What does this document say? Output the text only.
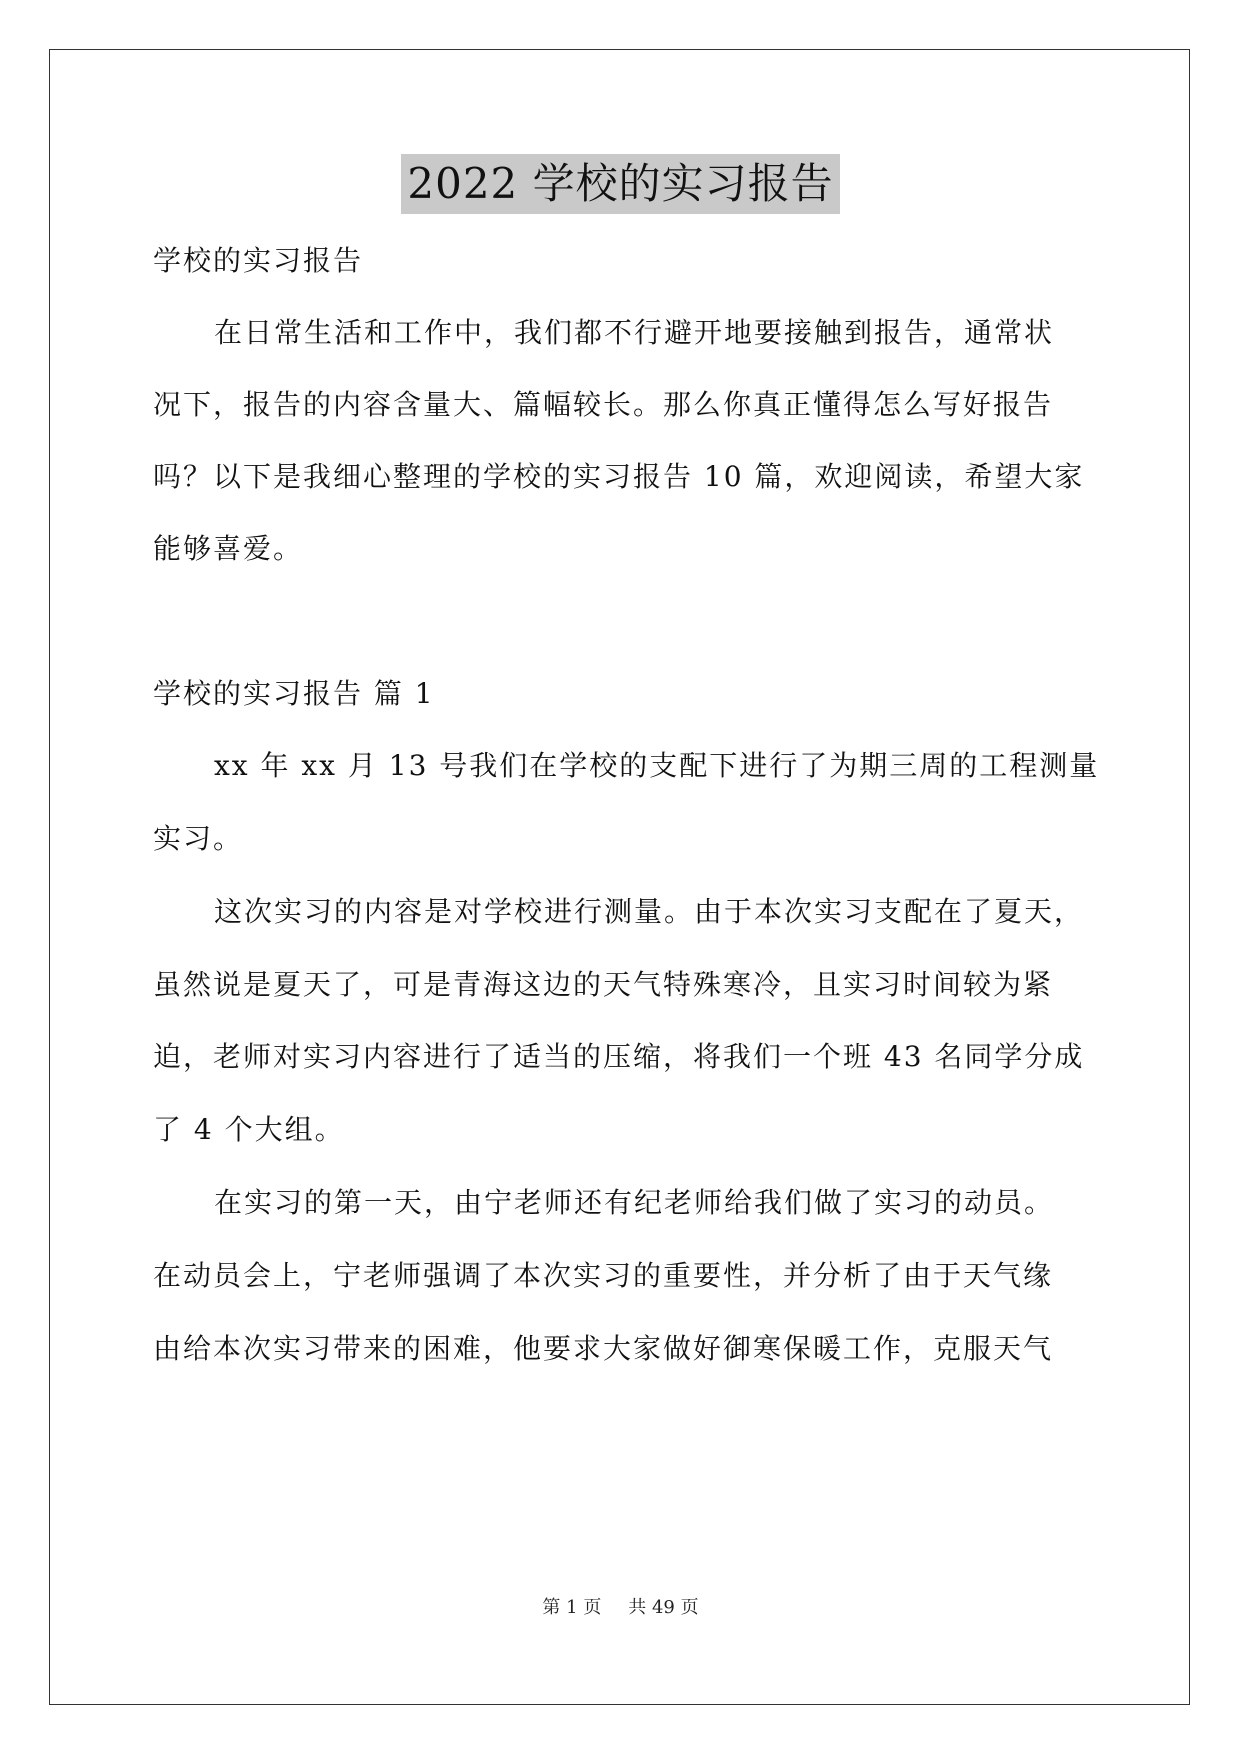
2022 学校的实习报告
学校的实习报告
在日常生活和工作中，我们都不行避开地要接触到报告，通常状
况下，报告的内容含量大、篇幅较长。那么你真正懂得怎么写好报告
吗？以下是我细心整理的学校的实习报告 10 篇，欢迎阅读，希望大家
能够喜爱。
学校的实习报告 篇 1
xx 年 xx 月 13 号我们在学校的支配下进行了为期三周的工程测量
实习。
这次实习的内容是对学校进行测量。由于本次实习支配在了夏天，
虽然说是夏天了，可是青海这边的天气特殊寒冷，且实习时间较为紧
迫，老师对实习内容进行了适当的压缩，将我们一个班 43 名同学分成
了 4 个大组。
在实习的第一天，由宁老师还有纪老师给我们做了实习的动员。
在动员会上，宁老师强调了本次实习的重要性，并分析了由于天气缘
由给本次实习带来的困难，他要求大家做好御寒保暖工作，克服天气
第 1 页 共 49 页
